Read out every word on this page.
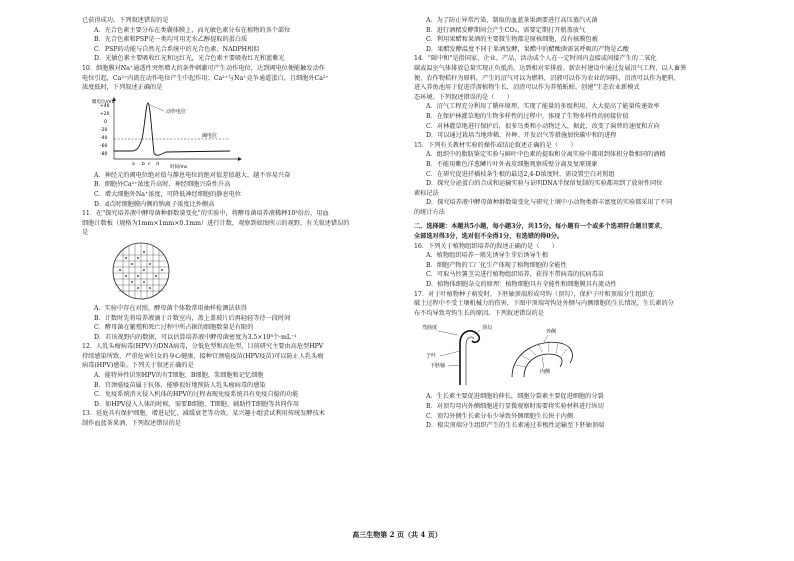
已获得成功。下列叙述错误的是
A．光合色素主要分布在类囊体膜上，而光敏色素分布在植物的各个部位
B．光合色素和PSP是一类均可用无水乙醇提取的蛋白质
C．PSP的功能与自然光合系统中的光合色素、NADPH相似
D．光敏色素主要吸收红光和远红光，光合色素主要吸收红光和蓝紫光
10．细胞膜对Na⁺通透性突然增大的条件刺激可产生动作电位，达到阈电位便能触发动作
电位引起，Ca²⁺内流在动作电位产生中起作用；Ca²⁺与Na⁺竞争通道蛋白，且细胞外Ca²⁺
浓度低时，下列叙述正确的是
膜电位/mV
+40
+20
0
-20
-40
-60
-80
动作电位
阈电位
a b c d
时间/ms
A．神经元的阈电位绝对值与静息电位的绝对值差值越大，越不容易兴奋
B．细胞外Ca²⁺浓度升高时，神经细胞兴奋性升高
C．增大细胞外Na⁺浓度，可降低神经细胞的静息电位
D．d点时细胞膜内侧的钠离子浓度比外侧高
11．在"探究培养液中酵母菌种群数量变化"的实验中，将酵母菌培养液稀释10³倍后，用血
细胞计数板（规格为1mm×1mm×0.1mm）进行计数，观察到如图所示的视野，有关叙述错误的
是
A．实验中存在对照，酵母菌个体数常用抽样检测法获得
B．计数时先将培养液滴于计数室内，盖上盖玻片后再轻轻等待一段时间
C．酵母菌在繁殖和死亡过程中所占据的细胞数量是有限的
D．若该视野内的数据，可以估算培养液中酵母菌密度为3.5×10⁸个·mL⁻¹
12．人乳头瘤病毒(HPV)为DNA病毒，分低危型和高危型，目前研究主要由高危型HPV
持续感染所致，严重危害妇女的身心健康，接种宫颈癌疫苗(HPV疫苗)可以防止人乳头瘤
病毒(HPV)感染。下列关于叙述正确的是
A．能特异性识别HPV的有T细胞、B细胞、浆细胞和记忆细胞
B．宫颈癌疫苗属于抗体，能够很好地预防人乳头瘤病毒的感染
C．免疫系统消灭侵入机体的HPV的过程表现免疫系统具有免疫自稳的功能
D．如HPV侵入人体的时候，需要B细胞、T细胞、辅助性T细胞等共同作用
13．延庭具有保护细胞、增进记忆、减缓衰老等功效，某兴趣小组尝试利用传统发酵技术
制作血蓝茶果酒，下列叙述错误的是
A．为了防止异常污染，制取的血蓝茶果酒要进行高压蒸汽灭菌
B．进行酒精发酵期间会产生CO₂，需要定期打开瓶盖放气
C．利用果醋和果酒的主要微生物都是原核细胞，没有核膜包被
D．果醋发酵温度不同于果酒发酵，果醋中的醋酸菌需氧呼吸的产物是乙酸
14．"碳中和"是指国家、企业、产品、活动或个人在一定时间内直接或间接产生的二氧化
碳或温室气体排放总量实现正负抵消，达到相对零排放。新农村建设中通过发展沼气工程，以人畜粪
便、农作物秸秆为原料，产生的沼气可以为燃料，沼液可以作为农业的饲料、沼渣可以作为肥料，
进入养鱼池用于促进浮游植物生长，沼渣可以作为养殖蚯蚓、创建"生态农业新模式
态环境。下列叙述错误的是（　　）
A．沼气工程充分利用了循环原理，实现了能量的多级利用，大大提高了能量传递效率
B．在保护林灌草地的生物多样性的过程中，体现了生物多样性的间接价值
C．对林灌草地进行保护后，很多鸟类和小动物迁入，据此，改变了演替的速度和方向
D．可以通过栽培当地珍稀、补种、开发沼气等措施加快碳中和的进程
15．下列有关教材实验的操作或结论叙述正确的是（　　）
A．组织中的脂肪鉴定实验与鲜叶中色素的提取和分离实验中都用到体积分数相同的酒精
B．不能用紫色洋葱鳞片叶外表皮细胞观察质壁分离及复原现象
C．在研究促进扦插枝条生根的最适2,4-D浓度时，需设置空白对照组
D．探究分泌蛋白的合成和运输实验与证明DNA半保留复制的实验都用到了放射性同位
素标记法
D．探究培养液中酵母菌种群数量变化与研究土壤中小动物类群丰富度的实验都采用了不同
的统计方法
二、选择题：本题共5小题，每小题3分，共15分。每小题有一个或多个选项符合题目要求，
全部选对得3分，选对但不全得1分，有选错的得0分。
16．下列关于植物组织培养的叙述正确的是（　　）
A．植物组织培养一般先诱导生芽后诱导生根
B．细胞产物的工厂化生产体现了植物细胞的全能性
C．可取马铃薯茎尖进行植物组织培养，获得不带病毒的抗病毒苗
D．植物体细胞杂交的原理：植物细胞具有全能性和细胞膜具有流动性
17．对于叶植物种子萌发时，下胚轴顶端形成弯钩（顶勾），保护子叶和顶端分生组织在
破土过程中不受土壤机械力的伤害，下图中顶端弯钩处外侧与内侧细胞的生长情况，生长素的分
布不均导致弯钩生长的原因。下列叙述错误的是
弯曲度	顶勾
子叶
下胚轴
外侧
内侧
A．生长素主要促进细胞的伸长，细胞分裂素主要促进细胞的分裂
B．对顶勾弯内外侧细胞进行显微观察时需要将实验材料进行纵切
C．顶勾外侧生长素分布少导致外侧细胞生长快于内侧
D．根尖顶端分生组织产生的生长素通过非极性运输至下胚轴顶端
高三生物第 2 页（共 4 页）
